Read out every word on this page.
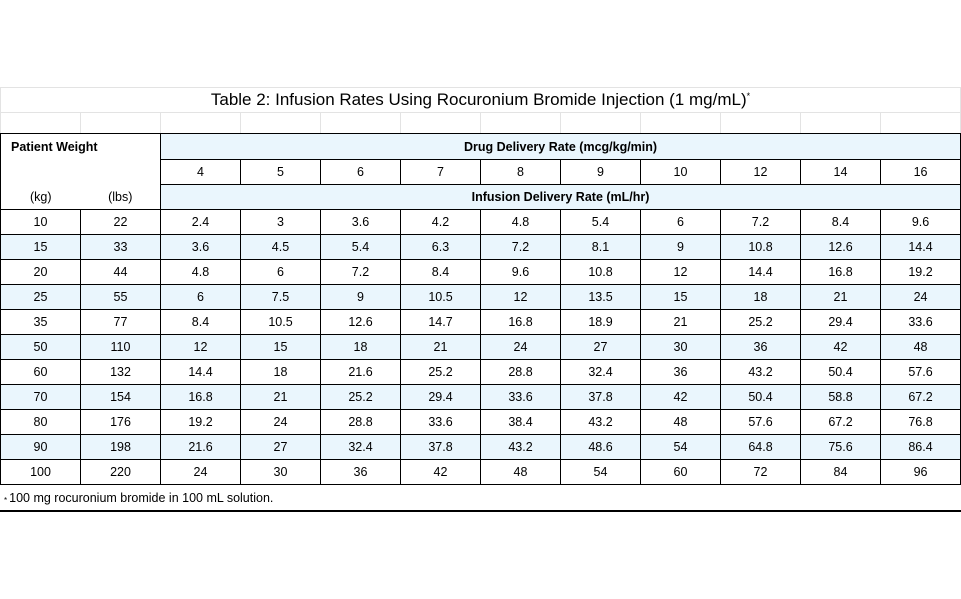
Table 2: Infusion Rates Using Rocuronium Bromide Injection (1 mg/mL)*
Patient Weight		Drug Delivery Rate (mcg/kg/min)									
		4	5	6	7	8	9	10	12	14	16
(kg)	(lbs)	Infusion Delivery Rate (mL/hr)									
10	22	2.4	3	3.6	4.2	4.8	5.4	6	7.2	8.4	9.6
15	33	3.6	4.5	5.4	6.3	7.2	8.1	9	10.8	12.6	14.4
20	44	4.8	6	7.2	8.4	9.6	10.8	12	14.4	16.8	19.2
25	55	6	7.5	9	10.5	12	13.5	15	18	21	24
35	77	8.4	10.5	12.6	14.7	16.8	18.9	21	25.2	29.4	33.6
50	110	12	15	18	21	24	27	30	36	42	48
60	132	14.4	18	21.6	25.2	28.8	32.4	36	43.2	50.4	57.6
70	154	16.8	21	25.2	29.4	33.6	37.8	42	50.4	58.8	67.2
80	176	19.2	24	28.8	33.6	38.4	43.2	48	57.6	67.2	76.8
90	198	21.6	27	32.4	37.8	43.2	48.6	54	64.8	75.6	86.4
100	220	24	30	36	42	48	54	60	72	84	96
* 100 mg rocuronium bromide in 100 mL solution.
